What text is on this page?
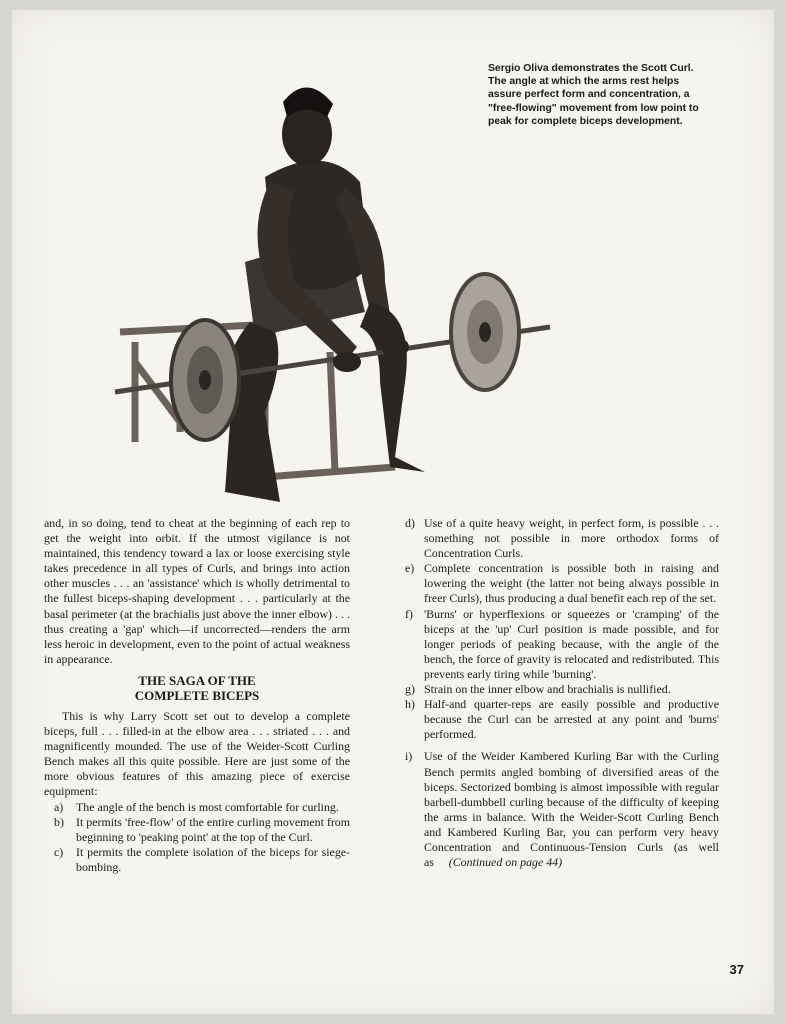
Sergio Oliva demonstrates the Scott Curl. The angle at which the arms rest helps assure perfect form and concentration, a "free-flowing" movement from low point to peak for complete biceps development.

and, in so doing, tend to cheat at the beginning of each rep to get the weight into orbit. If the utmost vigilance is not maintained, this tendency toward a lax or loose exercising style takes precedence in all types of Curls, and brings into action other muscles . . . an 'assistance' which is wholly detrimental to the fullest biceps-shaping development . . . particularly at the basal perimeter (at the brachialis just above the inner elbow) . . . thus creating a 'gap' which—if uncorrected—renders the arm less heroic in development, even to the point of actual weakness in appearance.

THE SAGA OF THE
COMPLETE BICEPS

This is why Larry Scott set out to develop a complete biceps, full . . . filled-in at the elbow area . . . striated . . . and magnificently mounded. The use of the Weider-Scott Curling Bench makes all this quite possible. Here are just some of the more obvious features of this amazing piece of exercise equipment:

a)	The angle of the bench is most comfortable for curling.
b)	It permits 'free-flow' of the entire curling movement from beginning to 'peaking point' at the top of the Curl.
c)	It permits the complete isolation of the biceps for siege-bombing.
d) Use of a quite heavy weight, in perfect form, is possible . . . something not possible in more orthodox forms of Concentration Curls.
e) Complete concentration is possible both in raising and lowering the weight (the latter not being always possible in freer Curls), thus producing a dual benefit each rep of the set.
f) 'Burns' or hyperflexions or squeezes or 'cramping' of the biceps at the 'up' Curl position is made possible, and for longer periods of peaking because, with the angle of the bench, the force of gravity is relocated and redistributed. This prevents early tiring while 'burning'.
g) Strain on the inner elbow and brachialis is nullified.
h) Half-and quarter-reps are easily possible and productive because the Curl can be arrested at any point and 'burns' performed.
i) Use of the Weider Kambered Kurling Bar with the Curling Bench permits angled bombing of diversified areas of the biceps. Sectorized bombing is almost impossible with regular barbell-dumbbell curling because of the difficulty of keeping the arms in balance. With the Weider-Scott Curling Bench and Kambered Kurling Bar, you can perform very heavy Concentration and Continuous-Tension Curls (as well as (Continued on page 44)
37
